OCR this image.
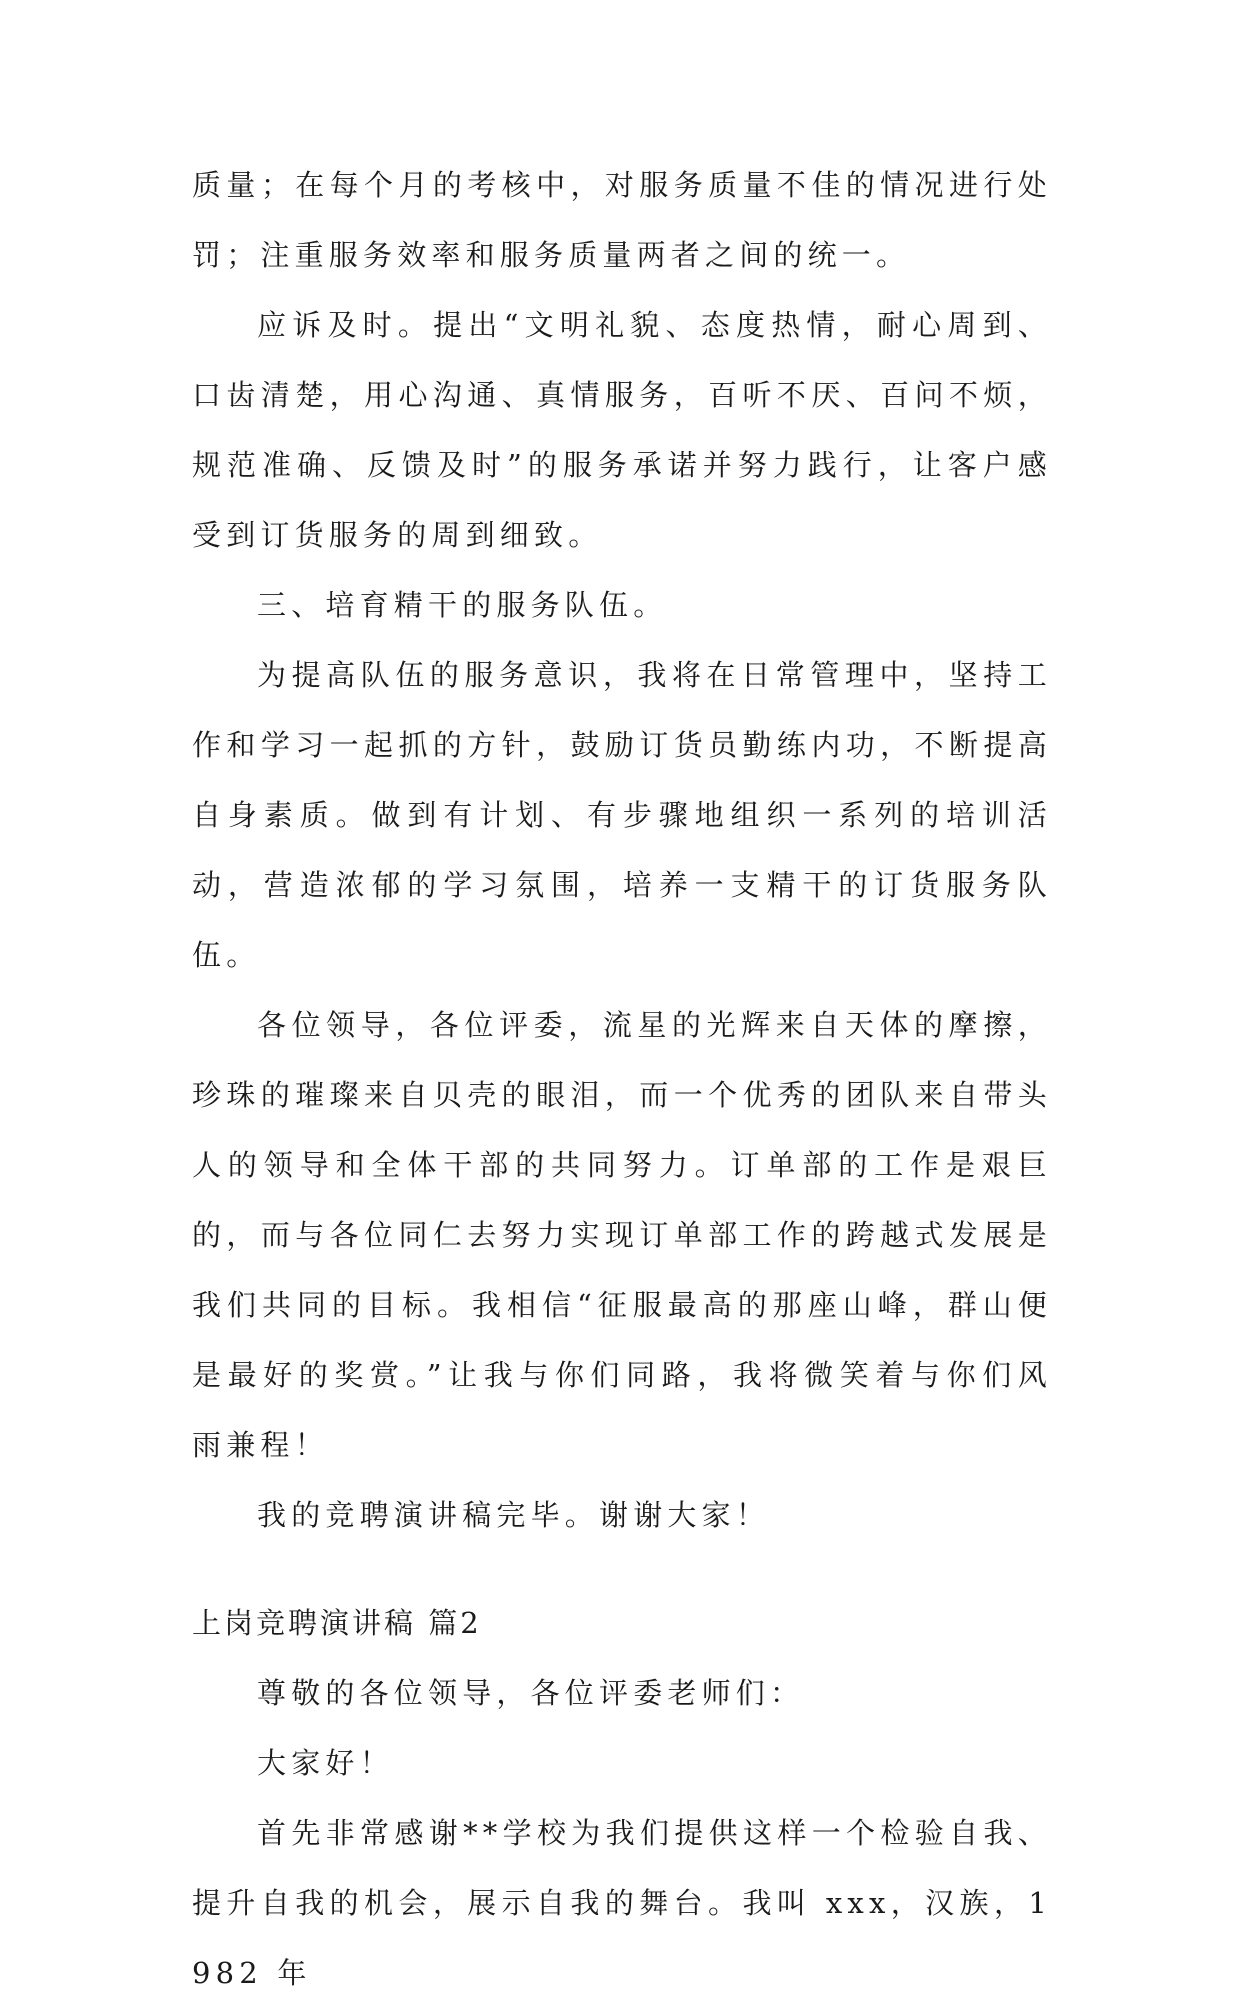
质量；在每个月的考核中，对服务质量不佳的情况进行处罚；注重服务效率和服务质量两者之间的统一。

应诉及时。提出“文明礼貌、态度热情，耐心周到、口齿清楚，用心沟通、真情服务，百听不厌、百问不烦，规范准确、反馈及时”的服务承诺并努力践行，让客户感受到订货服务的周到细致。

三、培育精干的服务队伍。

为提高队伍的服务意识，我将在日常管理中，坚持工作和学习一起抓的方针，鼓励订货员勤练内功，不断提高自身素质。做到有计划、有步骤地组织一系列的培训活动，营造浓郁的学习氛围，培养一支精干的订货服务队伍。

各位领导，各位评委，流星的光辉来自天体的摩擦，珍珠的璀璨来自贝壳的眼泪，而一个优秀的团队来自带头人的领导和全体干部的共同努力。订单部的工作是艰巨的，而与各位同仁去努力实现订单部工作的跨越式发展是我们共同的目标。我相信“征服最高的那座山峰，群山便是最好的奖赏。”让我与你们同路，我将微笑着与你们风雨兼程！

我的竞聘演讲稿完毕。谢谢大家！

上岗竞聘演讲稿 篇2

尊敬的各位领导，各位评委老师们：

大家好！

首先非常感谢**学校为我们提供这样一个检验自我、提升自我的机会，展示自我的舞台。我叫 xxx，汉族，1982 年
